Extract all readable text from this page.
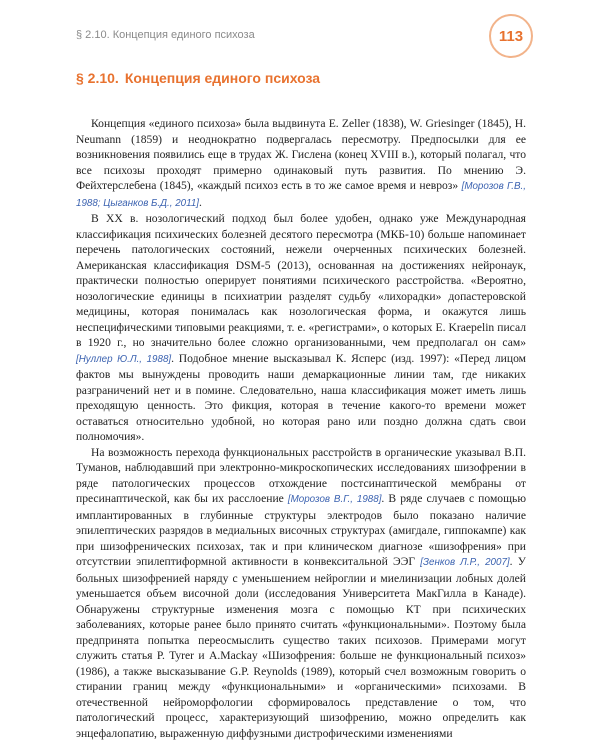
§ 2.10. Концепция единого психоза	113
§ 2.10. Концепция единого психоза

Концепция «единого психоза» была выдвинута E. Zeller (1838), W. Griesinger (1845), H. Neumann (1859) и неоднократно подвергалась пересмотру. Предпосылки для ее возникновения появились еще в трудах Ж. Гислена (конец XVIII в.), который полагал, что все психозы проходят примерно одинаковый путь развития. По мнению Э. Фейхтерслебена (1845), «каждый психоз есть в то же самое время и невроз» [Морозов Г.В., 1988; Цыганков Б.Д., 2011].

В XX в. нозологический подход был более удобен, однако уже Международная классификация психических болезней десятого пересмотра (МКБ-10) больше напоминает перечень патологических состояний, нежели очерченных психических болезней. Американская классификация DSM-5 (2013), основанная на достижениях нейронаук, практически полностью оперирует понятиями психического расстройства. «Вероятно, нозологические единицы в психиатрии разделят судьбу «лихорадки» допастеровской медицины, которая понималась как нозологическая форма, и окажутся лишь неспецифическими типовыми реакциями, т. е. «регистрами», о которых E. Kraepelin писал в 1920 г., но значительно более сложно организованными, чем предполагал он сам» [Нуллер Ю.Л., 1988]. Подобное мнение высказывал К. Ясперс (изд. 1997): «Перед лицом фактов мы вынуждены проводить наши демаркационные линии там, где никаких разграничений нет и в помине. Следовательно, наша классификация может иметь лишь преходящую ценность. Это фикция, которая в течение какого-то времени может оставаться относительно удобной, но которая рано или поздно должна сдать свои полномочия».

На возможность перехода функциональных расстройств в органические указывал В.П. Туманов, наблюдавший при электронно-микроскопических исследованиях шизофрении в ряде патологических процессов отхождение постсинаптической мембраны от пресинаптической, как бы их расслоение [Морозов В.Г., 1988]. В ряде случаев с помощью имплантированных в глубинные структуры электродов было показано наличие эпилептических разрядов в медиальных височных структурах (амигдале, гиппокампе) как при шизофренических психозах, так и при клиническом диагнозе «шизофрения» при отсутствии эпилептиформной активности в конвекситальной ЭЭГ [Зенков Л.Р., 2007]. У больных шизофренией наряду с уменьшением нейроглии и миелинизации лобных долей уменьшается объем височной доли (исследования Университета МакГилла в Канаде). Обнаружены структурные изменения мозга с помощью КТ при психических заболеваниях, которые ранее было принято считать «функциональными». Поэтому была предпринята попытка переосмыслить существо таких психозов. Примерами могут служить статья P. Tyrer и A.Mackay «Шизофрения: больше не функциональный психоз» (1986), а также высказывание G.P. Reynolds (1989), который счел возможным говорить о стирании границ между «функциональными» и «органическими» психозами. В отечественной нейроморфологии сформировалось представление о том, что патологический процесс, характеризующий шизофрению, можно определить как энцефалопатию, выраженную диффузными дистрофическими изменениями
